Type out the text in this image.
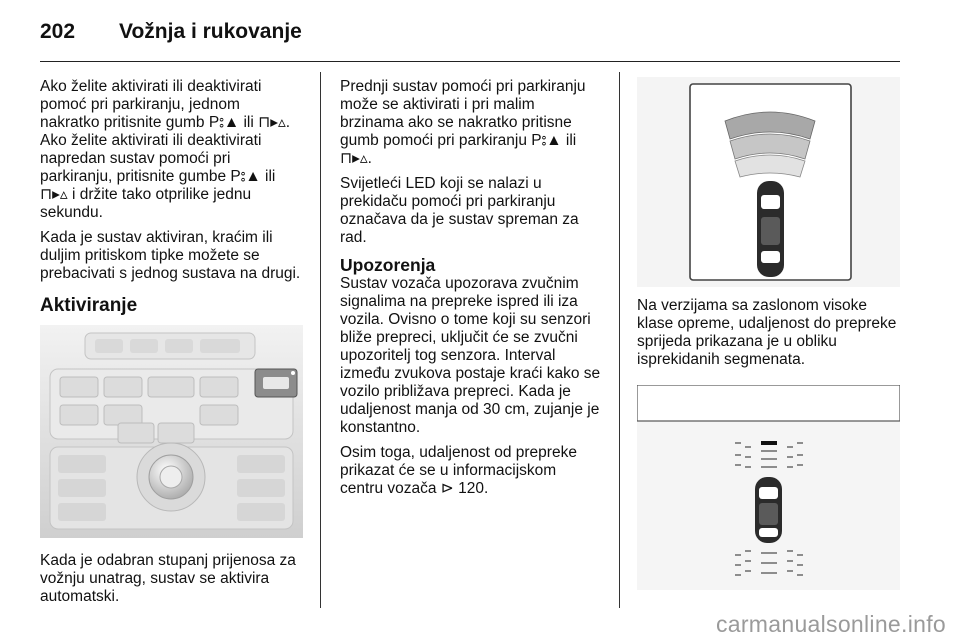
202 Vožnja i rukovanje

Ako želite aktivirati ili deaktivirati
pomoć pri parkiranju, jednom
nakratko pritisnite gumb P⦂▲ ili ⊓▸▵.
Ako želite aktivirati ili deaktivirati
napredan sustav pomoći pri
parkiranju, pritisnite gumbe P⦂▲ ili
⊓▸▵ i držite tako otprilike jednu
sekundu.

Kada je sustav aktiviran, kraćim ili
duljim pritiskom tipke možete se
prebacivati s jednog sustava na drugi.

Aktiviranje

Kada je odabran stupanj prijenosa za
vožnju unatrag, sustav se aktivira
automatski.

Prednji sustav pomoći pri parkiranju
može se aktivirati i pri malim
brzinama ako se nakratko pritisne
gumb pomoći pri parkiranju P⦂▲ ili
⊓▸▵.

Svijetleći LED koji se nalazi u
prekidaču pomoći pri parkiranju
označava da je sustav spreman za
rad.

Upozorenja

Sustav vozača upozorava zvučnim
signalima na prepreke ispred ili iza
vozila. Ovisno o tome koji su senzori
bliže prepreci, uključit će se zvučni
upozoritelj tog senzora. Interval
između zvukova postaje kraći kako se
vozilo približava prepreci. Kada je
udaljenost manja od 30 cm, zujanje je
konstantno.

Osim toga, udaljenost od prepreke
prikazat će se u informacijskom
centru vozača ⊳ 120.

Na verzijama sa zaslonom visoke
klase opreme, udaljenost do prepreke
sprijeda prikazana je u obliku
isprekidanih segmenata.

carmanualsonline.info
